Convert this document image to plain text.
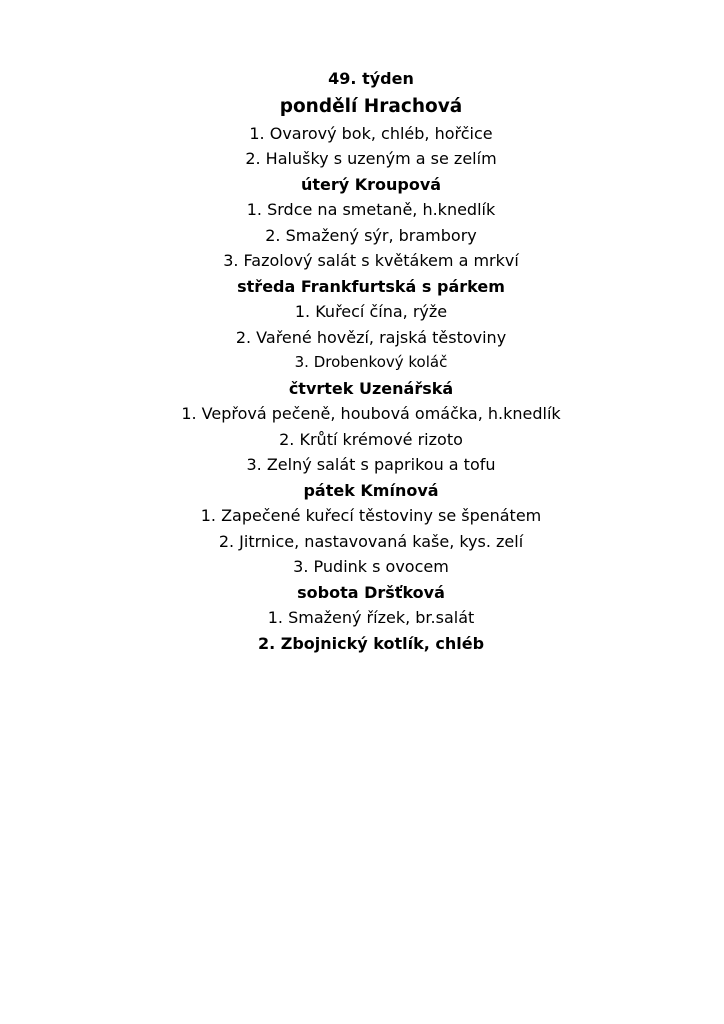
49. týden
pondělí Hrachová
1. Ovarový bok, chléb, hořčice
2. Halušky s uzeným a se zelím
úterý Kroupová
1. Srdce na smetaně, h.knedlík
2. Smažený sýr, brambory
3. Fazolový salát s květákem a mrkví
středa Frankfurtská s párkem
1. Kuřecí čína, rýže
2. Vařené hovězí, rajská těstoviny
3. Drobenkový koláč
čtvrtek Uzenářská
1. Vepřová pečeně, houbová omáčka, h.knedlík
2. Krůtí krémové rizoto
3. Zelný salát s paprikou a tofu
pátek Kmínová
1. Zapečené kuřecí těstoviny se špenátem
2. Jitrnice, nastavovaná kaše, kys. zelí
3. Pudink s ovocem
sobota Dršťková
1. Smažený řízek, br.salát
2. Zbojnický kotlík, chléb
